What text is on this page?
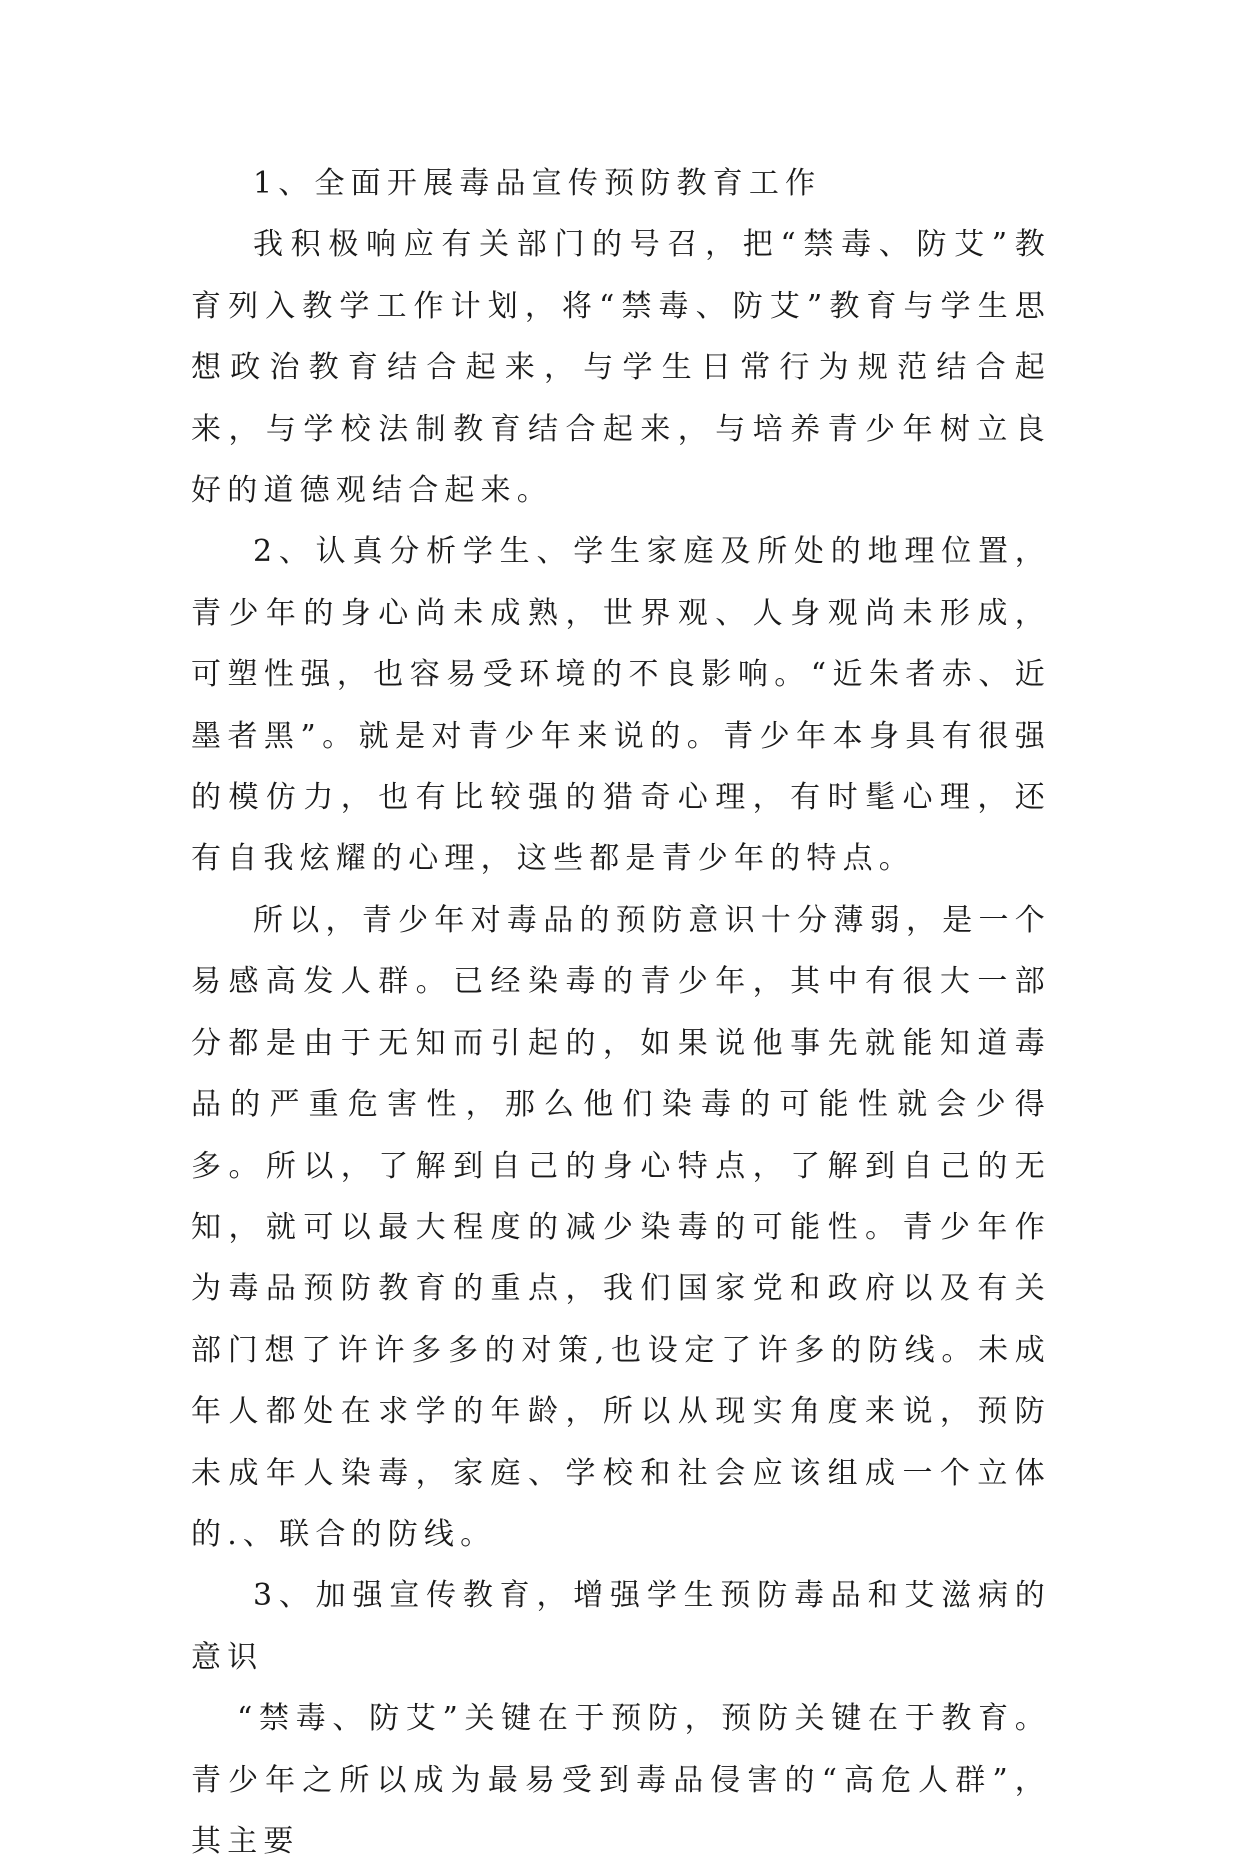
1、全面开展毒品宣传预防教育工作

我积极响应有关部门的号召，把“禁毒、防艾”教育列入教学工作计划，将“禁毒、防艾”教育与学生思想政治教育结合起来，与学生日常行为规范结合起来，与学校法制教育结合起来，与培养青少年树立良好的道德观结合起来。

2、认真分析学生、学生家庭及所处的地理位置，青少年的身心尚未成熟，世界观、人身观尚未形成，可塑性强，也容易受环境的不良影响。“近朱者赤、近墨者黑”。就是对青少年来说的。青少年本身具有很强的模仿力，也有比较强的猎奇心理，有时髦心理，还有自我炫耀的心理，这些都是青少年的特点。

所以，青少年对毒品的预防意识十分薄弱，是一个易感高发人群。已经染毒的青少年，其中有很大一部分都是由于无知而引起的，如果说他事先就能知道毒品的严重危害性，那么他们染毒的可能性就会少得多。所以，了解到自己的身心特点，了解到自己的无知，就可以最大程度的减少染毒的可能性。青少年作为毒品预防教育的重点，我们国家党和政府以及有关部门想了许许多多的对策,也设定了许多的防线。未成年人都处在求学的年龄，所以从现实角度来说，预防未成年人染毒，家庭、学校和社会应该组成一个立体的.、联合的防线。

3、加强宣传教育，增强学生预防毒品和艾滋病的意识

“禁毒、防艾”关键在于预防，预防关键在于教育。青少年之所以成为最易受到毒品侵害的“高危人群”，其主要
